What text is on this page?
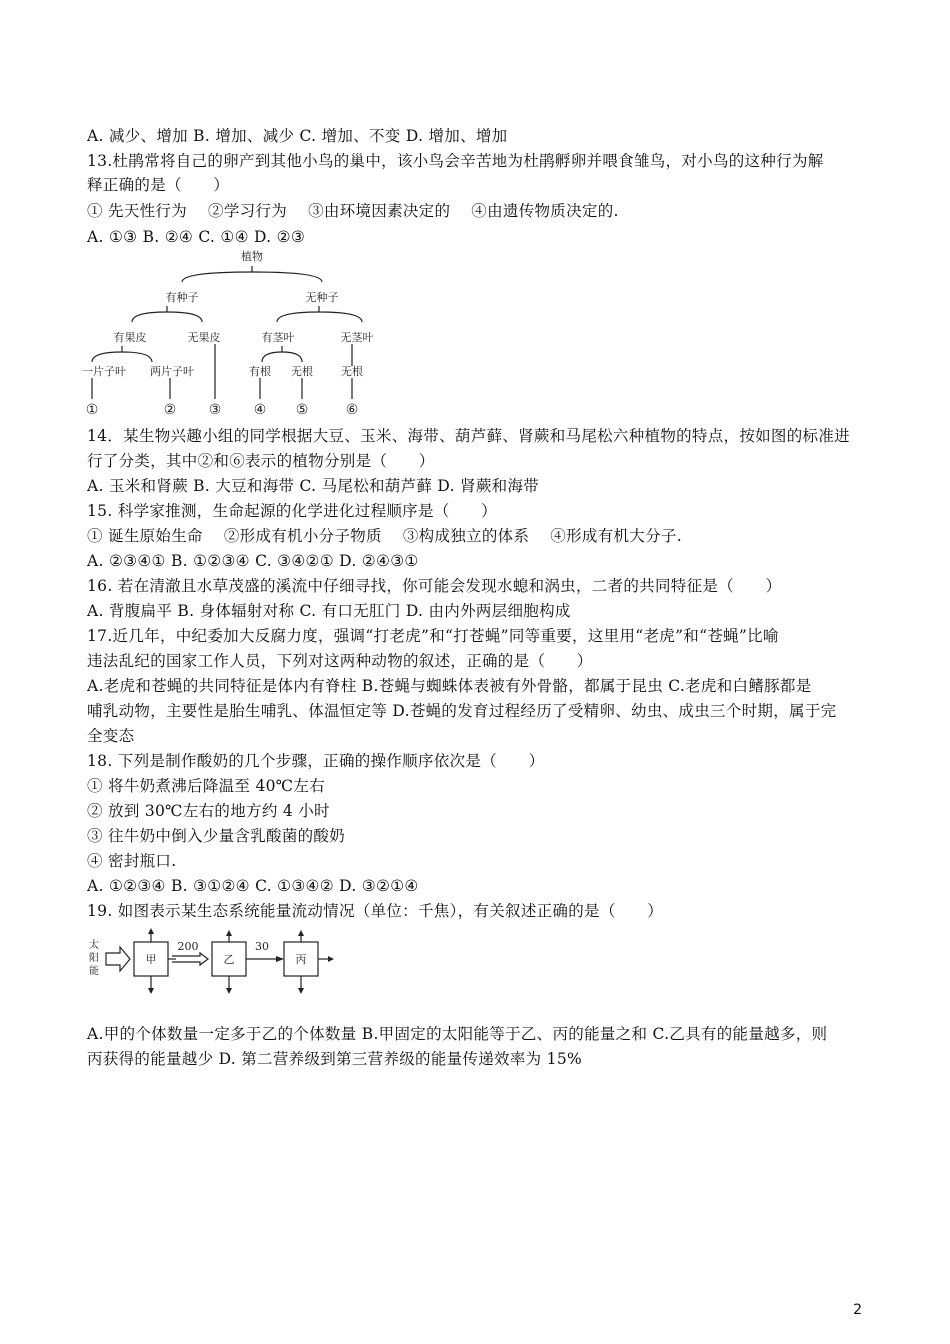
A. 减少、增加 B. 增加、减少 C. 增加、不变 D. 增加、增加
13.杜鹃常将自己的卵产到其他小鸟的巢中，该小鸟会辛苦地为杜鹃孵卵并喂食雏鸟，对小鸟的这种行为解
释正确的是（　　）
① 先天性行为　 ②学习行为　 ③由环境因素决定的　 ④由遗传物质决定的.
A. ①③ B. ②④ C. ①④ D. ②③
植物
有种子	无种子
有果皮	无果皮	有茎叶	无茎叶
一片子叶 两片子叶	有根 无根	无根
①	② ③ ④ ⑤	⑥
14．某生物兴趣小组的同学根据大豆、玉米、海带、葫芦藓、肾蕨和马尾松六种植物的特点，按如图的标准进
行了分类，其中②和⑥表示的植物分别是（　　）
A. 玉米和肾蕨 B. 大豆和海带 C. 马尾松和葫芦藓 D. 肾蕨和海带
15. 科学家推测，生命起源的化学进化过程顺序是（　　）
① 诞生原始生命　 ②形成有机小分子物质　 ③构成独立的体系　 ④形成有机大分子.
A. ②③④① B. ①②③④ C. ③④②① D. ②④③①
16. 若在清澈且水草茂盛的溪流中仔细寻找，你可能会发现水螅和涡虫，二者的共同特征是（　　）
A. 背腹扁平 B. 身体辐射对称 C. 有口无肛门 D. 由内外两层细胞构成
17.近几年，中纪委加大反腐力度，强调“打老虎”和“打苍蝇”同等重要，这里用“老虎”和“苍蝇”比喻
违法乱纪的国家工作人员，下列对这两种动物的叙述，正确的是（　　）
A.老虎和苍蝇的共同特征是体内有脊柱 B.苍蝇与蜘蛛体表被有外骨骼，都属于昆虫 C.老虎和白鳍豚都是
哺乳动物，主要性是胎生哺乳、体温恒定等 D.苍蝇的发育过程经历了受精卵、幼虫、成虫三个时期，属于完
全变态
18. 下列是制作酸奶的几个步骤，正确的操作顺序依次是（　　）
① 将牛奶煮沸后降温至 40℃左右
② 放到 30℃左右的地方约 4 小时
③ 往牛奶中倒入少量含乳酸菌的酸奶
④ 密封瓶口.
A. ①②③④ B. ③①②④ C. ①③④② D. ③②①④
19. 如图表示某生态系统能量流动情况（单位：千焦），有关叙述正确的是（　　）
太
阳
能
甲	乙	丙
200	30
A.甲的个体数量一定多于乙的个体数量 B.甲固定的太阳能等于乙、丙的能量之和 C.乙具有的能量越多，则
丙获得的能量越少 D. 第二营养级到第三营养级的能量传递效率为 15%
2
